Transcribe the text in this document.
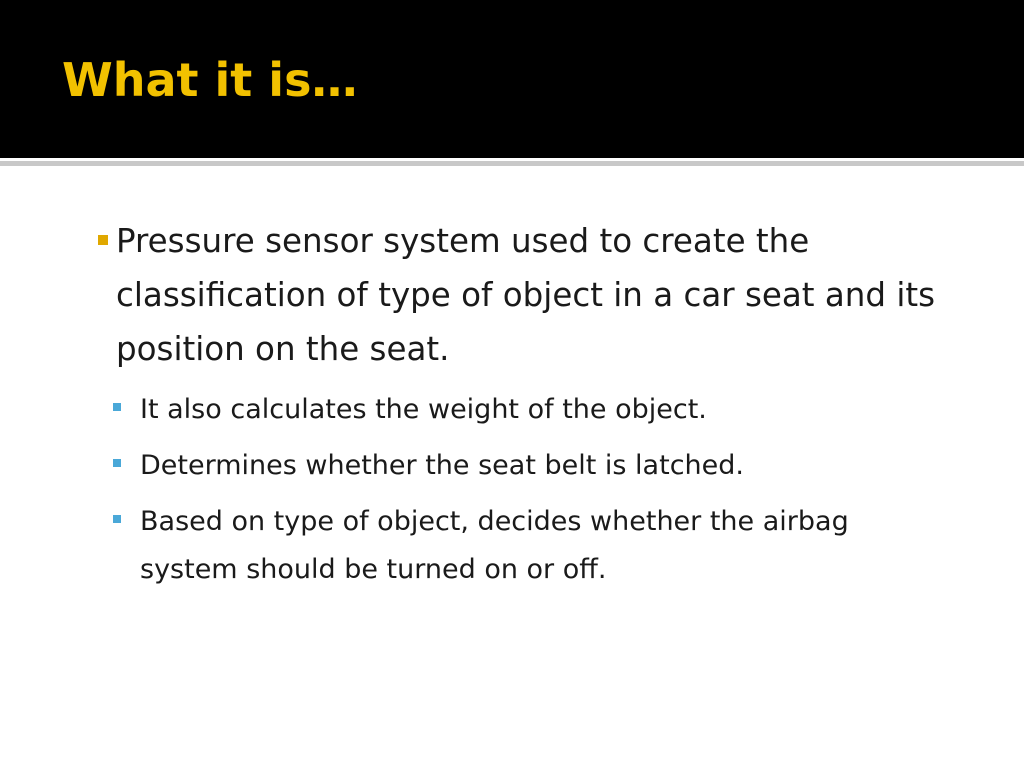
What it is…
Pressure sensor system used to create the classification of type of object in a car seat and its position on the seat.
It also calculates the weight of the object.
Determines whether the seat belt is latched.
Based on type of object, decides whether the airbag system should be turned on or off.
